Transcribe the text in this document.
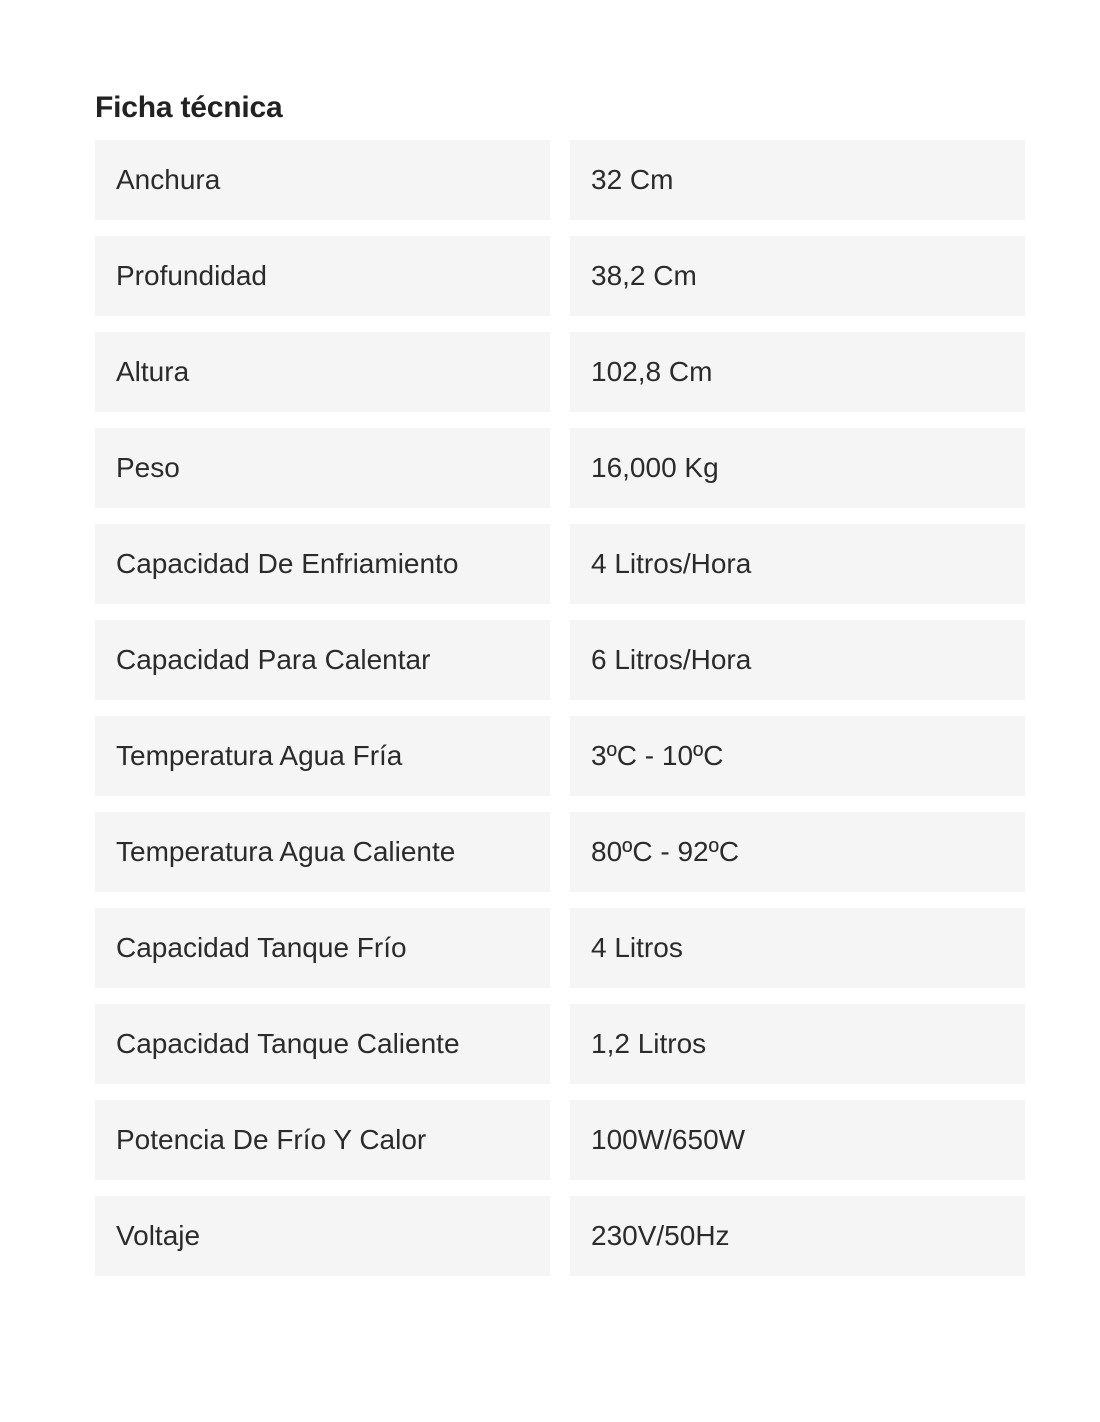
Ficha técnica
Anchura	32 Cm
Profundidad	38,2 Cm
Altura	102,8 Cm
Peso	16,000 Kg
Capacidad De Enfriamiento	4 Litros/Hora
Capacidad Para Calentar	6 Litros/Hora
Temperatura Agua Fría	3ºC - 10ºC
Temperatura Agua Caliente	80ºC - 92ºC
Capacidad Tanque Frío	4 Litros
Capacidad Tanque Caliente	1,2 Litros
Potencia De Frío Y Calor	100W/650W
Voltaje	230V/50Hz
